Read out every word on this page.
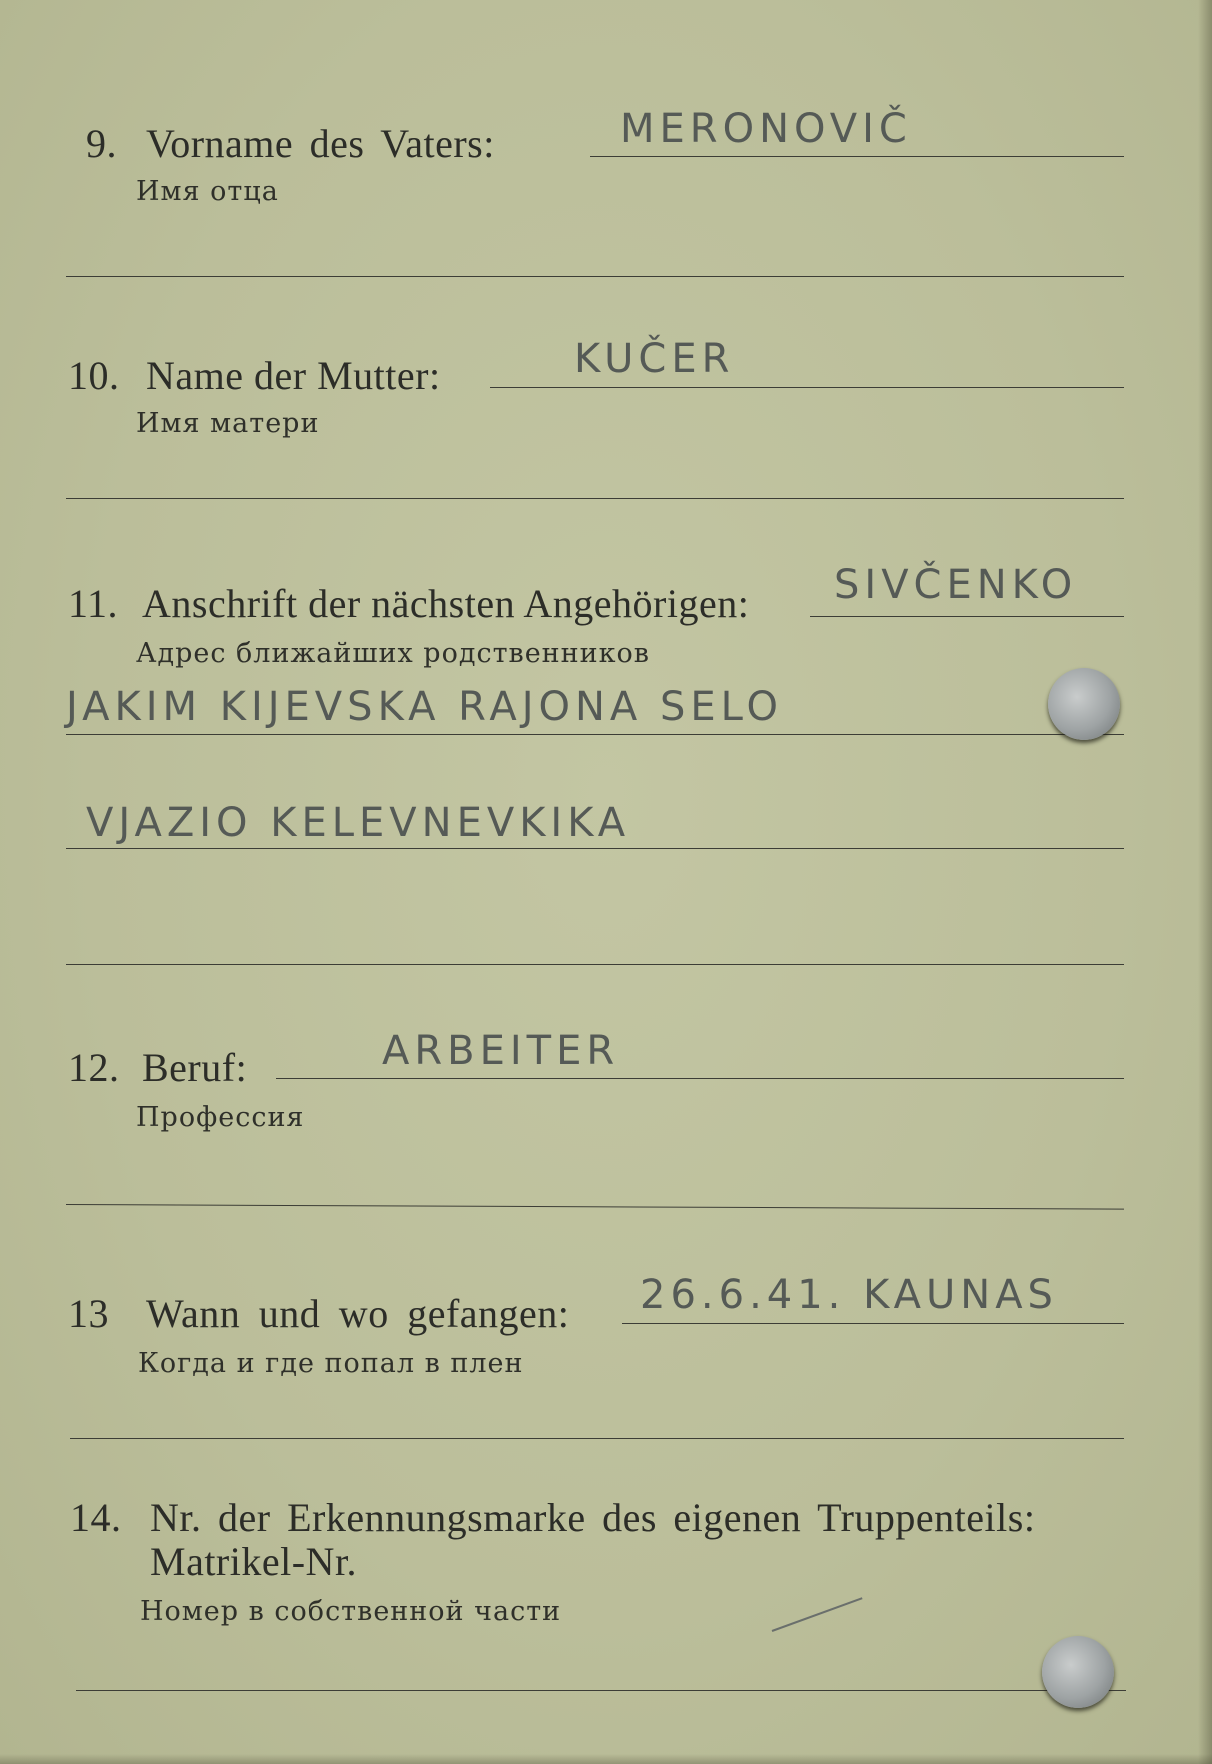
9. Vorname des Vaters:
Имя отца
MERONOVIČ
10. Name der Mutter:
Имя матери
KUČER
11. Anschrift der nächsten Angehörigen:
Адрес ближайших родственников
SIVČENKO
JAKIM KIJEVSKA RAJONA SELO
VJAZIO KELEVNEVKIKA
12. Beruf:
Профессия
ARBEITER
13 Wann und wo gefangen:
Когда и где попал в плен
26.6.41. KAUNAS
14. Nr. der Erkennungsmarke des eigenen Truppenteils:
Matrikel-Nr.
Номер в собственной части
